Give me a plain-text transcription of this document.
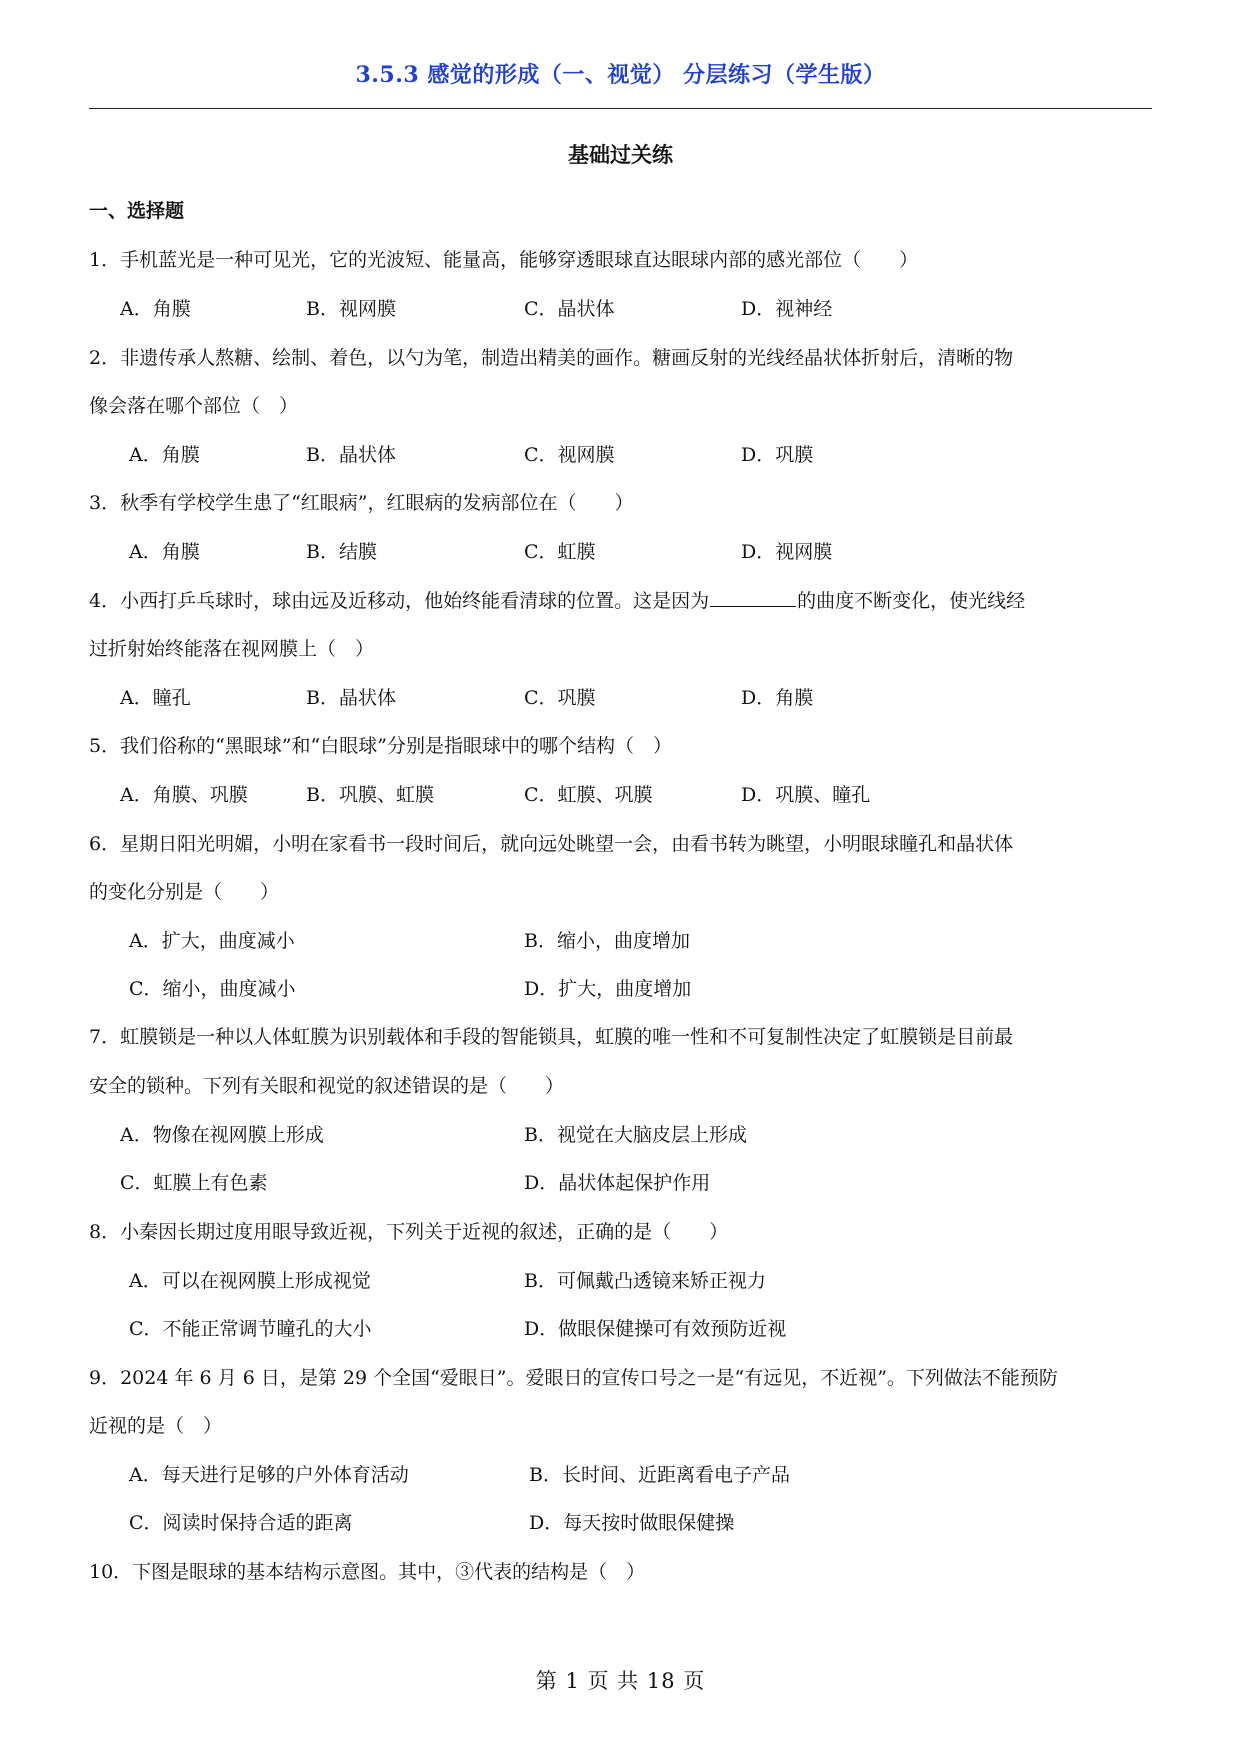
3.5.3 感觉的形成（一、视觉） 分层练习（学生版）
基础过关练
一、选择题
1．手机蓝光是一种可见光，它的光波短、能量高，能够穿透眼球直达眼球内部的感光部位（　　）
A．角膜	B．视网膜	C．晶状体	D．视神经
2．非遗传承人熬糖、绘制、着色，以勺为笔，制造出精美的画作。糖画反射的光线经晶状体折射后，清晰的物
像会落在哪个部位（　）
A．角膜	B．晶状体	C．视网膜	D．巩膜
3．秋季有学校学生患了“红眼病”，红眼病的发病部位在（　　）
A．角膜	B．结膜	C．虹膜	D．视网膜
4．小西打乒乓球时，球由远及近移动，他始终能看清球的位置。这是因为	的曲度不断变化，使光线经
过折射始终能落在视网膜上（　）
A．瞳孔	B．晶状体	C．巩膜	D．角膜
5．我们俗称的“黑眼球”和“白眼球”分别是指眼球中的哪个结构（　）
A．角膜、巩膜	B．巩膜、虹膜	C．虹膜、巩膜	D．巩膜、瞳孔
6．星期日阳光明媚，小明在家看书一段时间后，就向远处眺望一会，由看书转为眺望，小明眼球瞳孔和晶状体
的变化分别是（　　）
A．扩大，曲度减小	B．缩小，曲度增加
C．缩小，曲度减小	D．扩大，曲度增加
7．虹膜锁是一种以人体虹膜为识别载体和手段的智能锁具，虹膜的唯一性和不可复制性决定了虹膜锁是目前最
安全的锁种。下列有关眼和视觉的叙述错误的是（　　）
A．物像在视网膜上形成	B．视觉在大脑皮层上形成
C．虹膜上有色素	D．晶状体起保护作用
8．小秦因长期过度用眼导致近视，下列关于近视的叙述，正确的是（　　）
A．可以在视网膜上形成视觉	B．可佩戴凸透镜来矫正视力
C．不能正常调节瞳孔的大小	D．做眼保健操可有效预防近视
9．2024 年 6 月 6 日，是第 29 个全国“爱眼日”。爱眼日的宣传口号之一是“有远见，不近视”。下列做法不能预防
近视的是（　）
A．每天进行足够的户外体育活动	B．长时间、近距离看电子产品
C．阅读时保持合适的距离	D．每天按时做眼保健操
10．下图是眼球的基本结构示意图。其中，③代表的结构是（　）
第 1 页 共 18 页
